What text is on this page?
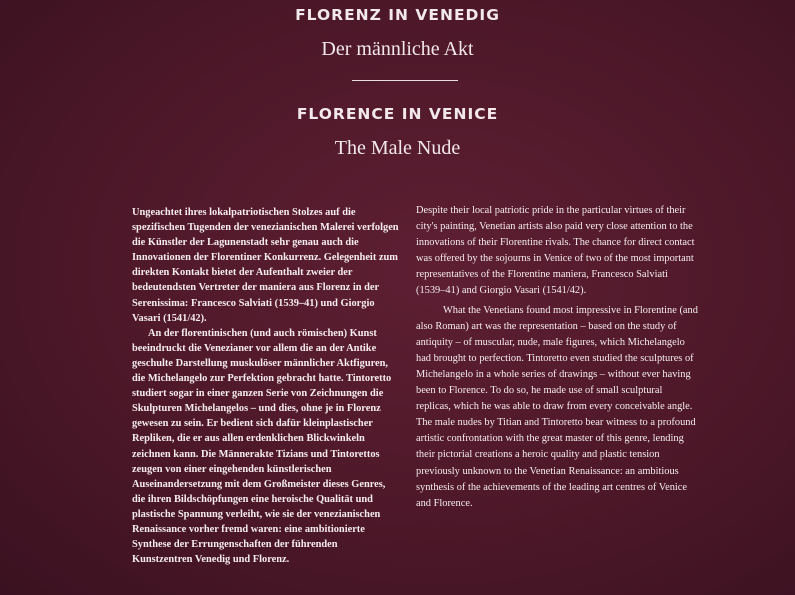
FLORENZ IN VENEDIG
Der männliche Akt
FLORENCE IN VENICE
The Male Nude

Ungeachtet ihres lokalpatriotischen Stolzes auf die spezifischen Tugenden der venezianischen Malerei verfolgen die Künstler der Lagunenstadt sehr genau auch die Innovationen der Florentiner Konkurrenz. Gelegenheit zum direkten Kontakt bietet der Aufenthalt zweier der bedeutendsten Vertreter der maniera aus Florenz in der Serenissima: Francesco Salviati (1539–41) und Giorgio Vasari (1541/42).

An der florentinischen (und auch römischen) Kunst beeindruckt die Venezianer vor allem die an der Antike geschulte Darstellung muskulöser männlicher Aktfiguren, die Michelangelo zur Perfektion gebracht hatte. Tintoretto studiert sogar in einer ganzen Serie von Zeichnungen die Skulpturen Michelangelos – und dies, ohne je in Florenz gewesen zu sein. Er bedient sich dafür kleinplastischer Repliken, die er aus allen erdenklichen Blickwinkeln zeichnen kann. Die Männerakte Tizians und Tintorettos zeugen von einer eingehenden künstlerischen Auseinandersetzung mit dem Großmeister dieses Genres, die ihren Bildschöpfungen eine heroische Qualität und plastische Spannung verleiht, wie sie der venezianischen Renaissance vorher fremd waren: eine ambitionierte Synthese der Errungenschaften der führenden Kunstzentren Venedig und Florenz.

Despite their local patriotic pride in the particular virtues of their city's painting, Venetian artists also paid very close attention to the innovations of their Florentine rivals. The chance for direct contact was offered by the sojourns in Venice of two of the most important representatives of the Florentine maniera, Francesco Salviati (1539–41) and Giorgio Vasari (1541/42).

What the Venetians found most impressive in Florentine (and also Roman) art was the representation – based on the study of antiquity – of muscular, nude, male figures, which Michelangelo had brought to perfection. Tintoretto even studied the sculptures of Michelangelo in a whole series of drawings – without ever having been to Florence. To do so, he made use of small sculptural replicas, which he was able to draw from every conceivable angle. The male nudes by Titian and Tintoretto bear witness to a profound artistic confrontation with the great master of this genre, lending their pictorial creations a heroic quality and plastic tension previously unknown to the Venetian Renaissance: an ambitious synthesis of the achievements of the leading art centres of Venice and Florence.
